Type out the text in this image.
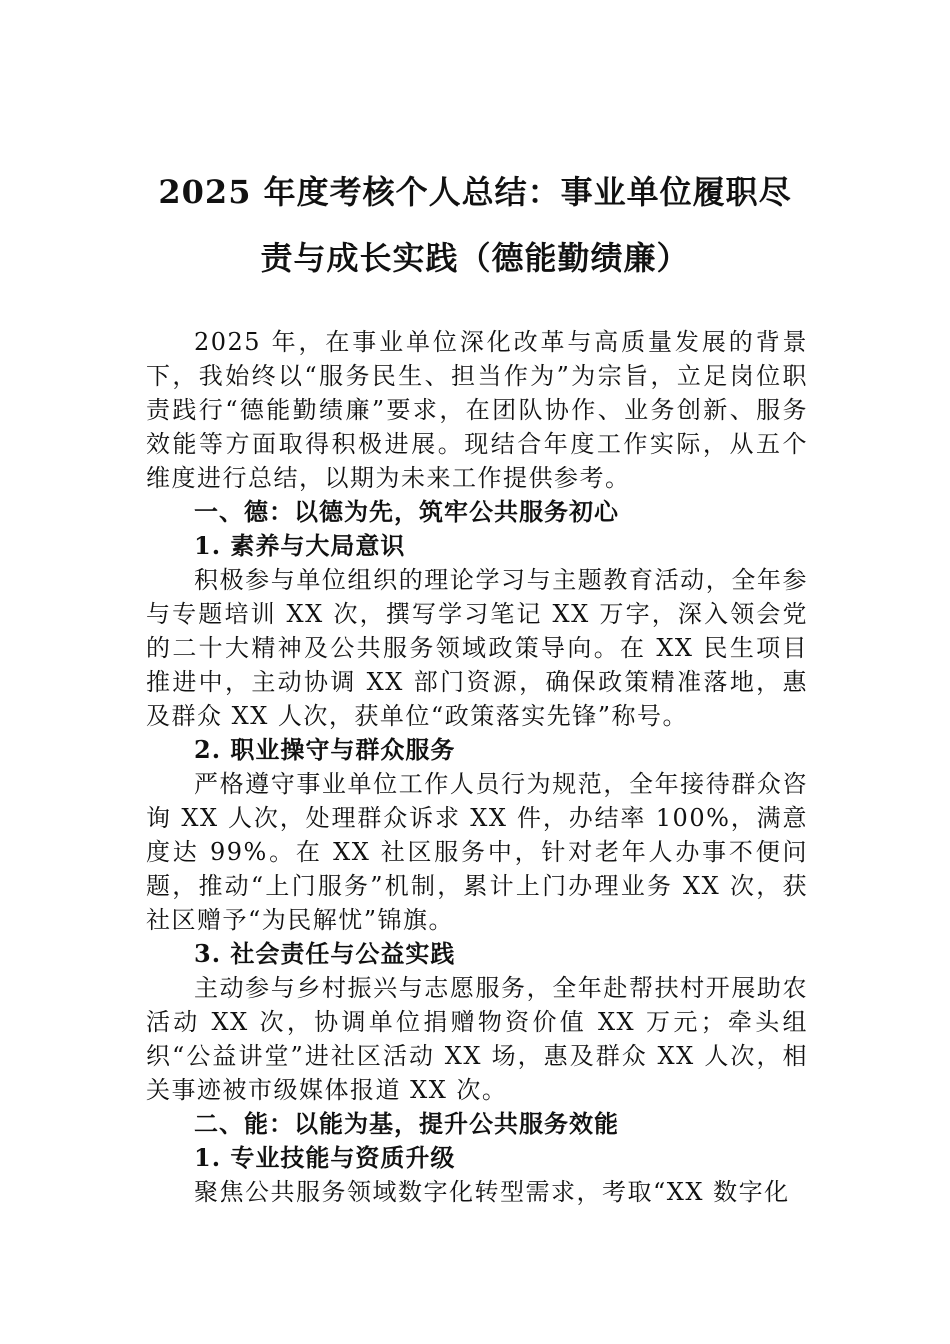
2025 年度考核个人总结：事业单位履职尽
责与成长实践（德能勤绩廉）

2025 年，在事业单位深化改革与高质量发展的背景下，我始终以“服务民生、担当作为”为宗旨，立足岗位职责践行“德能勤绩廉”要求，在团队协作、业务创新、服务效能等方面取得积极进展。现结合年度工作实际，从五个维度进行总结，以期为未来工作提供参考。

一、德：以德为先，筑牢公共服务初心
1. 素养与大局意识

积极参与单位组织的理论学习与主题教育活动，全年参与专题培训 XX 次，撰写学习笔记 XX 万字，深入领会党的二十大精神及公共服务领域政策导向。在 XX 民生项目推进中，主动协调 XX 部门资源，确保政策精准落地，惠及群众 XX 人次，获单位“政策落实先锋”称号。

2. 职业操守与群众服务

严格遵守事业单位工作人员行为规范，全年接待群众咨询 XX 人次，处理群众诉求 XX 件，办结率 100%，满意度达 99%。在 XX 社区服务中，针对老年人办事不便问题，推动“上门服务”机制，累计上门办理业务 XX 次，获社区赠予“为民解忧”锦旗。

3. 社会责任与公益实践

主动参与乡村振兴与志愿服务，全年赴帮扶村开展助农活动 XX 次，协调单位捐赠物资价值 XX 万元；牵头组织“公益讲堂”进社区活动 XX 场，惠及群众 XX 人次，相关事迹被市级媒体报道 XX 次。

二、能：以能为基，提升公共服务效能
1. 专业技能与资质升级

聚焦公共服务领域数字化转型需求，考取“XX 数字化
